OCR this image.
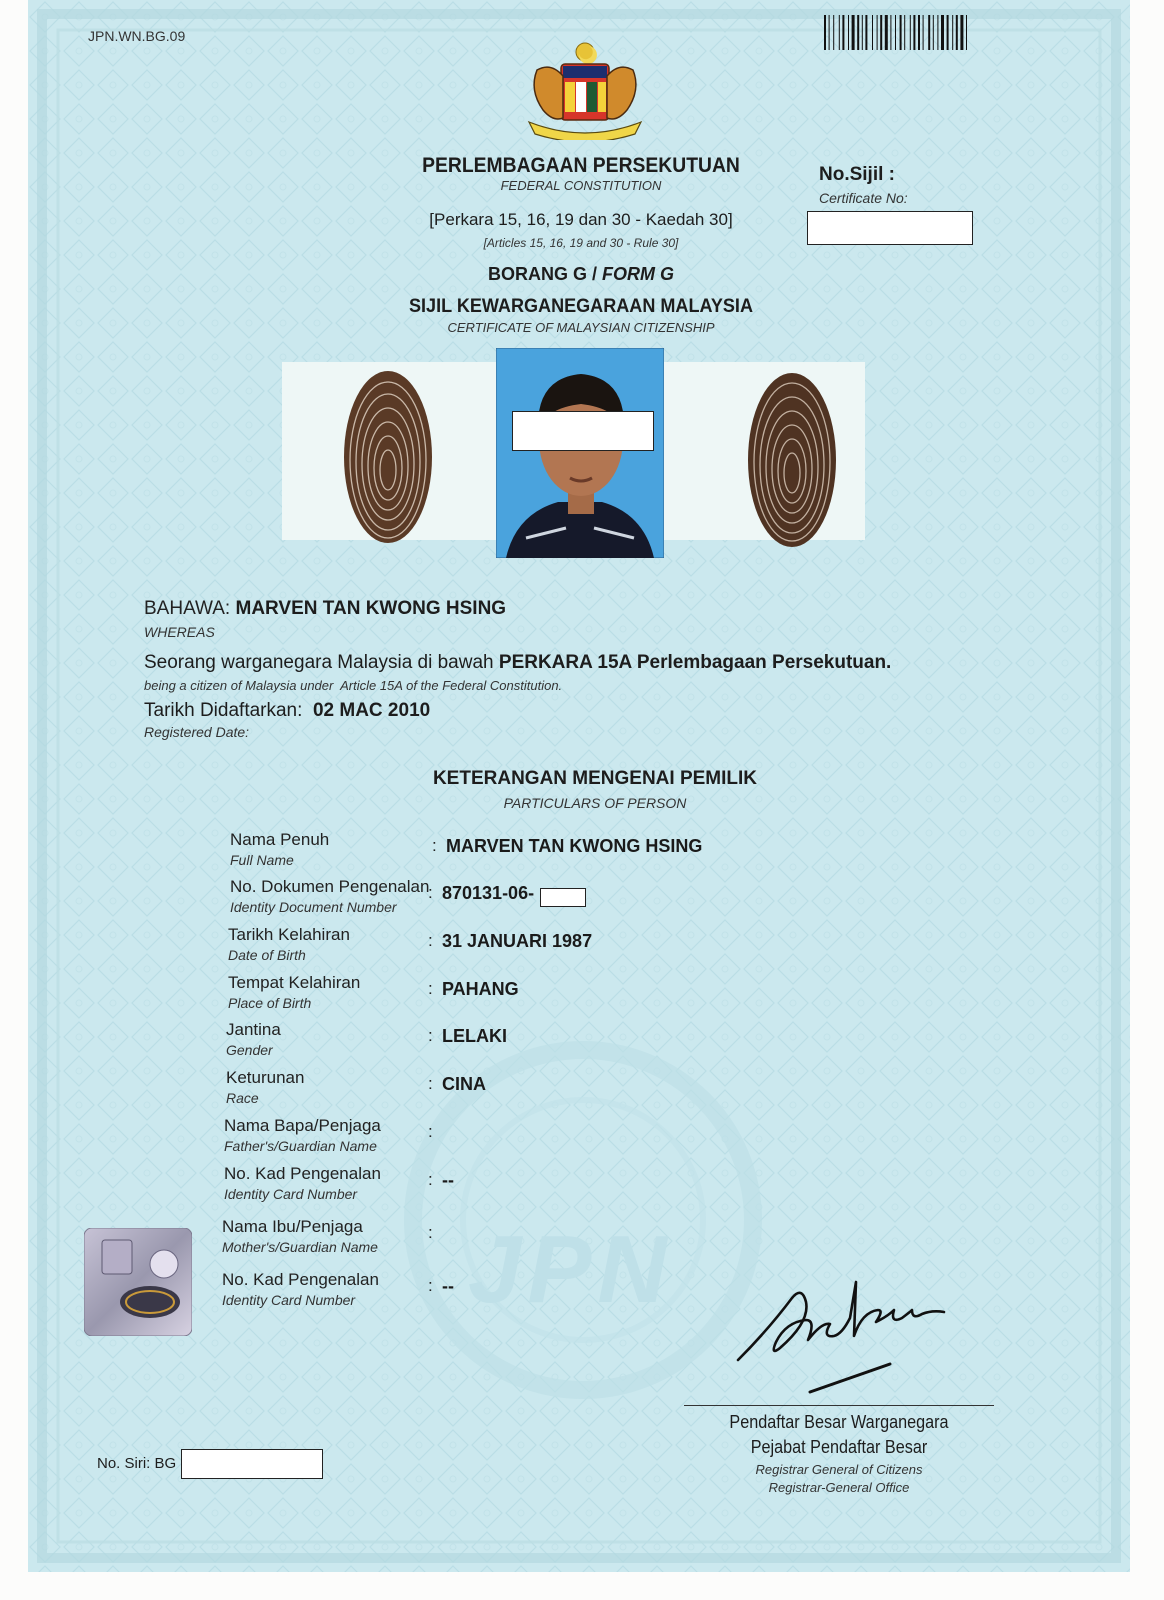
JPN
JPN.WN.BG.09
PERLEMBAGAAN PERSEKUTUAN
FEDERAL CONSTITUTION
[Perkara 15, 16, 19 dan 30 - Kaedah 30]
[Articles 15, 16, 19 and 30 - Rule 30]
BORANG G / FORM G
SIJIL KEWARGANEGARAAN MALAYSIA
CERTIFICATE OF MALAYSIAN CITIZENSHIP
No.Sijil :
Certificate No:
BAHAWA: MARVEN TAN KWONG HSING
WHEREAS
Seorang warganegara Malaysia di bawah PERKARA 15A Perlembagaan Persekutuan.
being a citizen of Malaysia under Article 15A of the Federal Constitution.
Tarikh Didaftarkan: 02 MAC 2010
Registered Date:
KETERANGAN MENGENAI PEMILIK
PARTICULARS OF PERSON
Nama Penuh
Full Name
: MARVEN TAN KWONG HSING
No. Dokumen Pengenalan
Identity Document Number
: 870131-06-
Tarikh Kelahiran
Date of Birth
: 31 JANUARI 1987
Tempat Kelahiran
Place of Birth
: PAHANG
Jantina
Gender
: LELAKI
Keturunan
Race
: CINA
Nama Bapa/Penjaga
Father's/Guardian Name
:
No. Kad Pengenalan
Identity Card Number
: --
Nama Ibu/Penjaga
Mother's/Guardian Name
:
No. Kad Pengenalan
Identity Card Number
: --
Pendaftar Besar Warganegara
Pejabat Pendaftar Besar
Registrar General of Citizens
Registrar-General Office
No. Siri: BG
